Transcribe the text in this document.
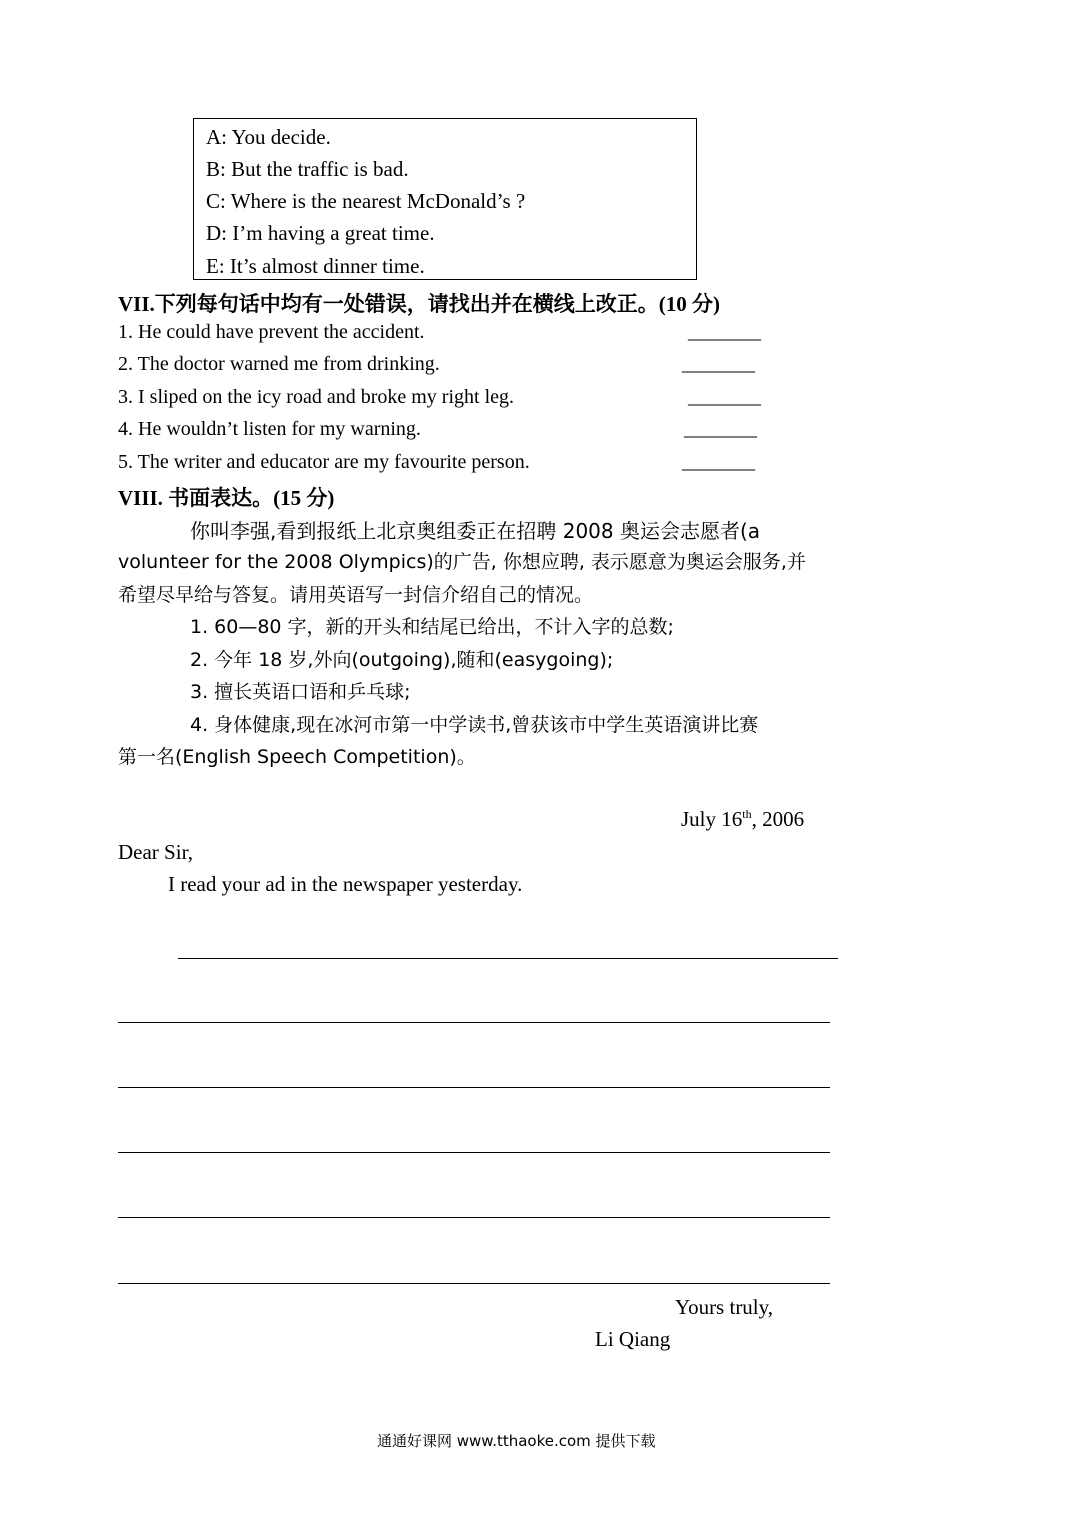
A: You decide.
B: But the traffic is bad.
C: Where is the nearest McDonald’s ?
D: I’m having a great time.
E: It’s almost dinner time.
VII.下列每句话中均有一处错误，请找出并在横线上改正。(10 分)
1. He could have prevent the accident.	________
2. The doctor warned me from drinking.	________
3. I sliped on the icy road and broke my right leg.	________
4. He wouldn’t listen for my warning.	________
5. The writer and educator are my favourite person.	________
VIII. 书面表达。(15 分)
你叫李强,看到报纸上北京奥组委正在招聘 2008 奥运会志愿者(a
volunteer for the 2008 Olympics)的广告, 你想应聘, 表示愿意为奥运会服务,并
希望尽早给与答复。请用英语写一封信介绍自己的情况。
1. 60—80 字，新的开头和结尾已给出，不计入字的总数;
2. 今年 18 岁,外向(outgoing),随和(easygoing);
3. 擅长英语口语和乒乓球;
4. 身体健康,现在冰河市第一中学读书,曾获该市中学生英语演讲比赛
第一名(English Speech Competition)。
July 16th, 2006
Dear Sir,
I read your ad in the newspaper yesterday.
Yours truly,
Li Qiang
通通好课网 www.tthaoke.com 提供下载
